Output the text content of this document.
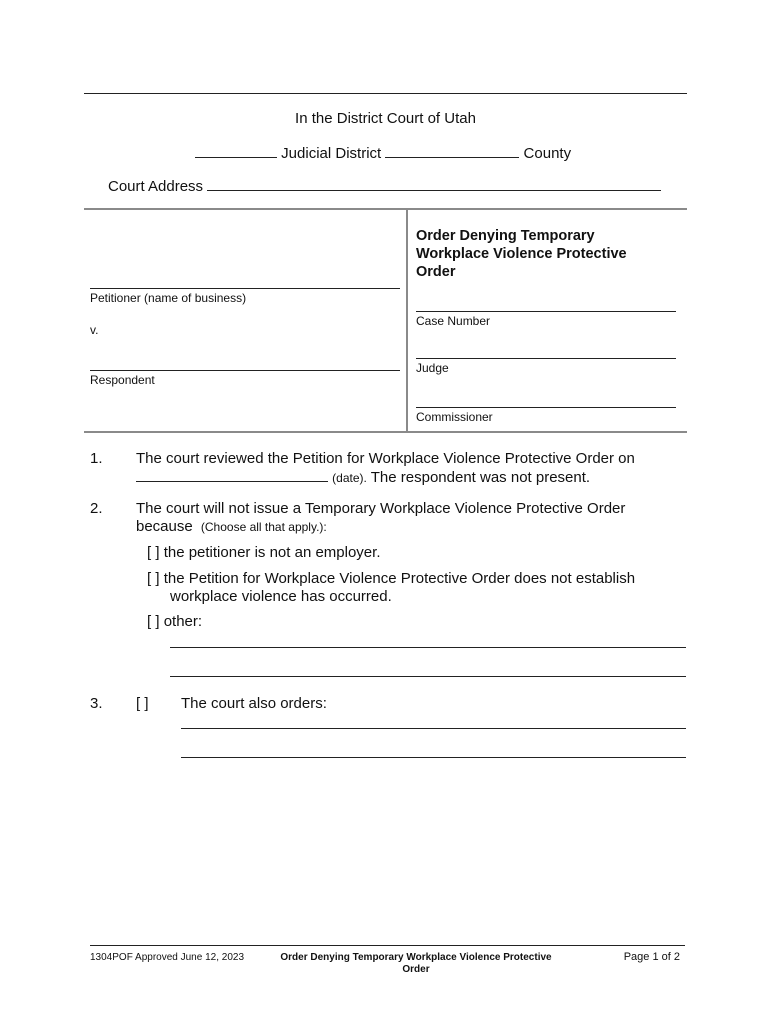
In the District Court of Utah
Judicial District	County
Court Address
Petitioner (name of business)
v.
Respondent
Order Denying Temporary Workplace Violence Protective Order
Case Number
Judge
Commissioner
1. The court reviewed the Petition for Workplace Violence Protective Order on
(date). The respondent was not present.
2. The court will not issue a Temporary Workplace Violence Protective Order
because (Choose all that apply.):
[ ] the petitioner is not an employer.
[ ] the Petition for Workplace Violence Protective Order does not establish
workplace violence has occurred.
[ ] other:
3. [ ] The court also orders:
1304POF Approved June 12, 2023	Order Denying Temporary Workplace Violence Protective Order
Page 1 of 2
